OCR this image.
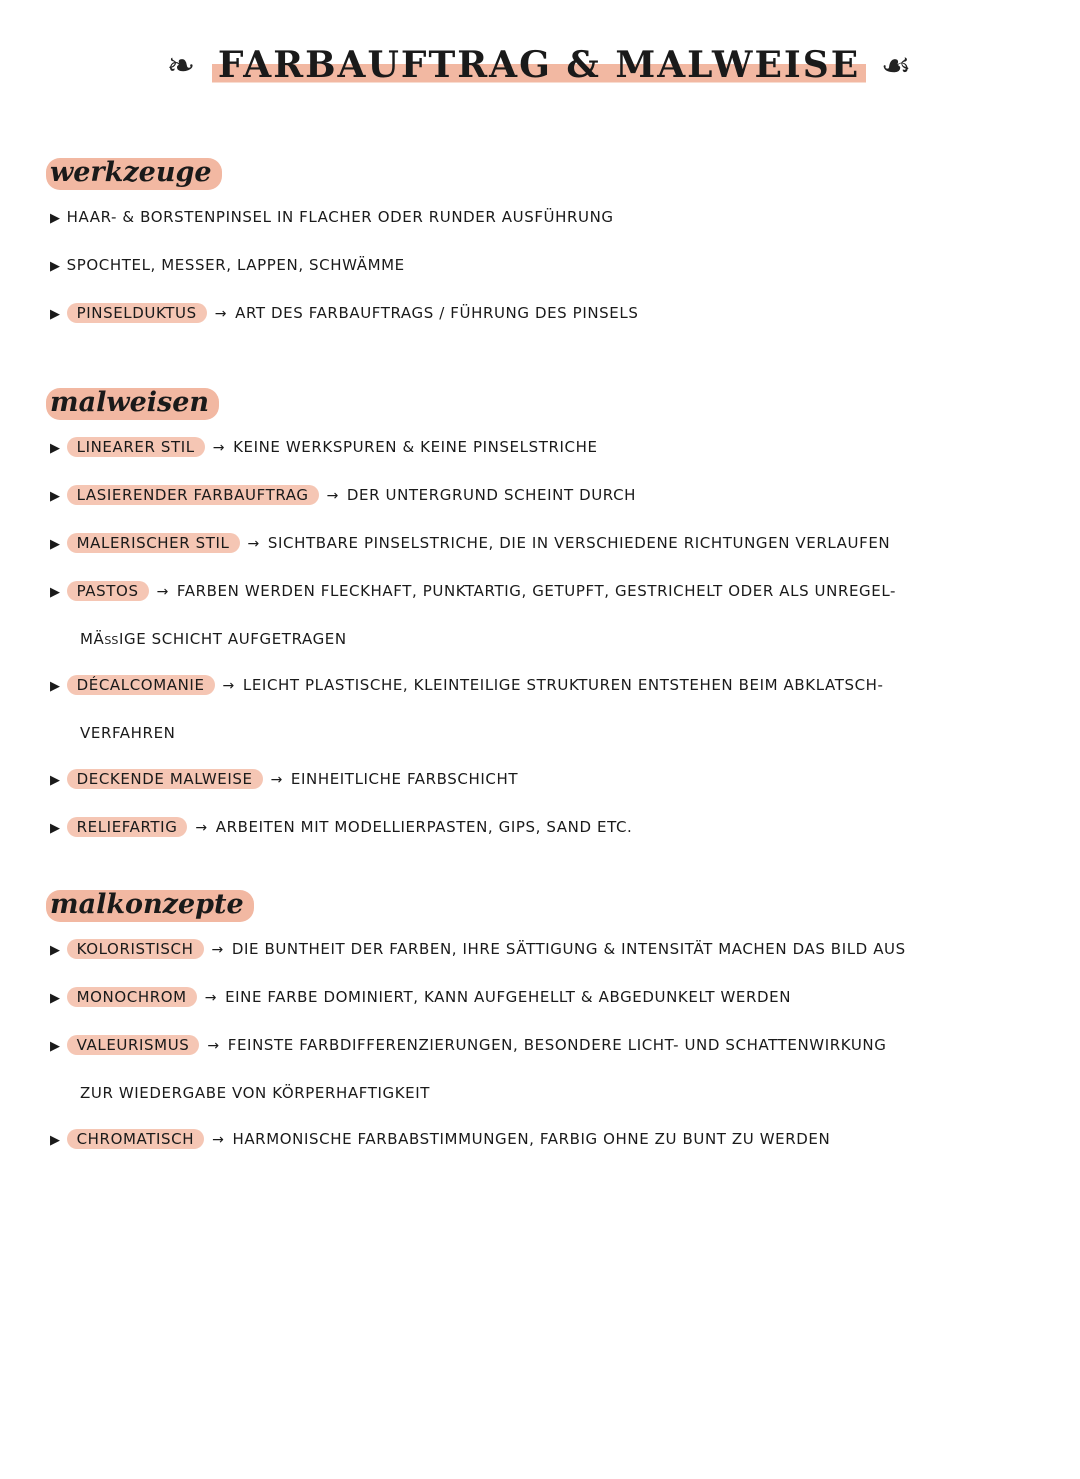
❧ FARBAUFTRAG & MALWEISE ☙
werkzeuge
▶ HAAR- & BORSTENPINSEL IN FLACHER ODER RUNDER AUSFÜHRUNG
▶ SPOCHTEL, MESSER, LAPPEN, SCHWÄMME
▶ PINSELDUKTUS → ART DES FARBAUFTRAGS / FÜHRUNG DES PINSELS
malweisen
▶ LINEARER STIL → KEINE WERKSPUREN & KEINE PINSELSTRICHE
▶ LASIERENDER FARBAUFTRAG → DER UNTERGRUND SCHEINT DURCH
▶ MALERISCHER STIL → SICHTBARE PINSELSTRICHE, DIE IN VERSCHIEDENE RICHTUNGEN VERLAUFEN
▶ PASTOS → FARBEN WERDEN FLECKHAFT, PUNKTARTIG, GETUPFT, GESTRICHELT ODER ALS UNREGEL-
MÄßIGE SCHICHT AUFGETRAGEN
▶ DÉCALCOMANIE → LEICHT PLASTISCHE, KLEINTEILIGE STRUKTUREN ENTSTEHEN BEIM ABKLATSCH-
VERFAHREN
▶ DECKENDE MALWEISE → EINHEITLICHE FARBSCHICHT
▶ RELIEFARTIG → ARBEITEN MIT MODELLIERPASTEN, GIPS, SAND ETC.
malkonzepte
▶ KOLORISTISCH → DIE BUNTHEIT DER FARBEN, IHRE SÄTTIGUNG & INTENSITÄT MACHEN DAS BILD AUS
▶ MONOCHROM → EINE FARBE DOMINIERT, KANN AUFGEHELLT & ABGEDUNKELT WERDEN
▶ VALEURISMUS → FEINSTE FARBDIFFERENZIERUNGEN, BESONDERE LICHT- UND SCHATTENWIRKUNG
ZUR WIEDERGABE VON KÖRPERHAFTIGKEIT
▶ CHROMATISCH → HARMONISCHE FARBABSTIMMUNGEN, FARBIG OHNE ZU BUNT ZU WERDEN
